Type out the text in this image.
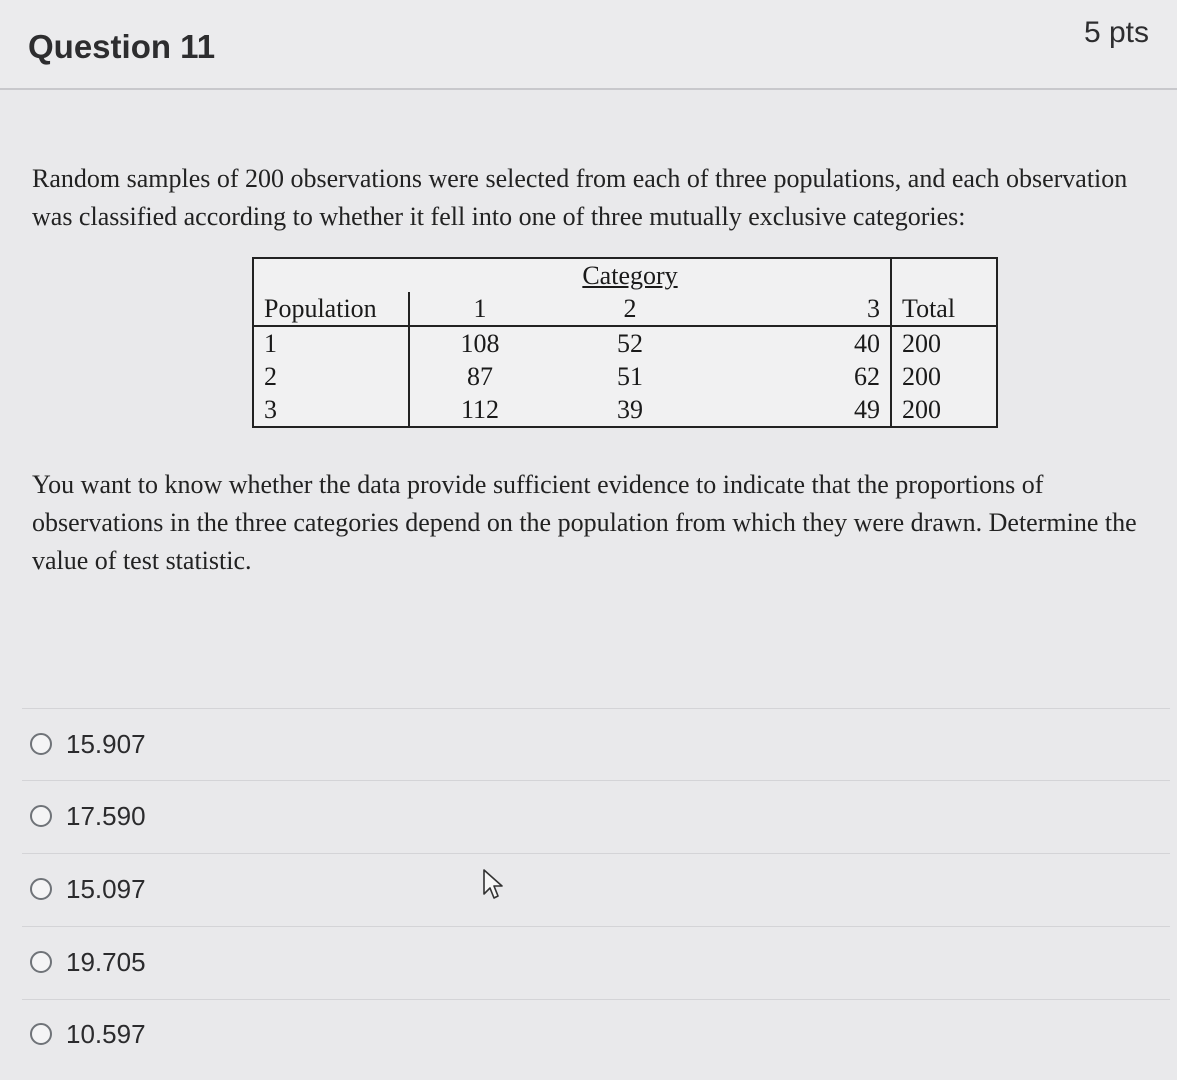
Question 11	5 pts
Random samples of 200 observations were selected from each of three populations, and each observation was classified according to whether it fell into one of three mutually exclusive categories:
		Category		
Population	1	2	3	Total
1	108	52	40	200
2	87	51	62	200
3	112	39	49	200
You want to know whether the data provide sufficient evidence to indicate that the proportions of observations in the three categories depend on the population from which they were drawn. Determine the value of test statistic.
15.907
17.590
15.097
19.705
10.597
